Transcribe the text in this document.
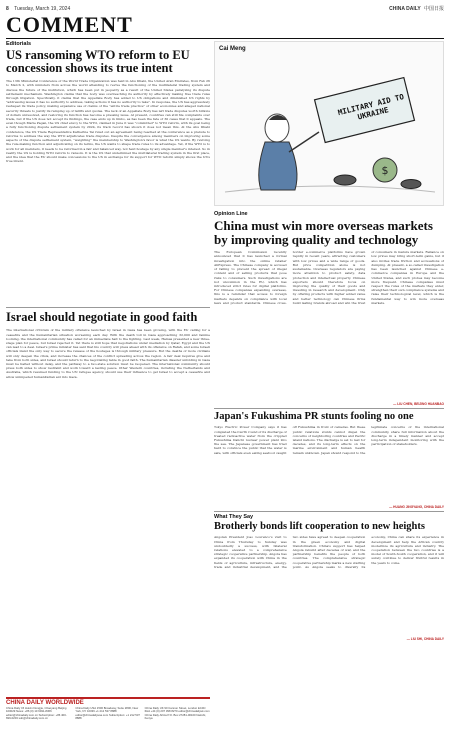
8 Tuesday, March 19, 2024	CHINA DAILY 中国日报
COMMENT
Editorials
US ransoming WTO reform to EU concession shows its true intent
The 13th Ministerial Conference of the World Trade Organization was held in Abu Dhabi, the United Arab Emirates, from Feb 26 to March 2, with ministers from across the world attending to revive the functioning of the multilateral trading system and discuss the future of the institution, which has been put in jeopardy as a result of the United States paralyzing its dispute settlement mechanism. Washington claims that the body was overreaching its authority by effectively making free trade rules through litigation. Specifically, it claims that the Appellate Body has added to US obligations and diminished US rights by "addressing issues it has no authority to address, taking actions it has no authority to take". In response, the US has aggressively reshaped its trade policy, making expansive use of claims of the "entire trade practice" of other economies and alleged national security threats to justify its ramping up of tariffs and quotas. The lack of an Appellate Body has left trade disputes worth billions of dollars unresolved, and restoring its function has become a pressing issue. At present, countries can still file complaints over trade, but if the US does not accept its findings, the case ends up in limbo, as has been the fate of 30 cases that it appeals. The even though Marie Pagan, the US chief envoy to the WTO, claimed in June it was "committed" to WTO reform, with its goal being a fully functioning dispute settlement system by 2024, its track record has shown it does not mean this. At the Abu Dhabi conference, the US Trade Representative Katherine Tai ruled out an agreement being reached at the conference as a prelude to reforms to address the way the WTO adjudicates trade disputes. Despite the convergence among members on improving some aspects of the dispute settlement system, "weighting" the membership to Washington's favor is what the US wants. By reviving the rule-making function and adjudicating on its terms, the US wants to shape trade rules to its advantage. Yet, if the WTO is to work for all members, it needs to be reformed in a fair and balanced way, not held hostage by any single member's interest. So in reality the US is holding WTO reform to ransom. It is the US that undermined the multilateral trading system in the first place, and the idea that the EU should make concessions to the US in exchange for its support for WTO reform simply shows the US's true intent.
Israel should negotiate in good faith
The international criticism of the military offensive launched by Israel in Gaza has been growing, with the EU calling for a ceasefire and the humanitarian situation worsening each day. With the death toll in Gaza approaching 32,000 and famine looming, the international community has called for an immediate halt to the fighting. Last week, Hamas presented a new three-stage plan for peace, but Israel rejected it. Yet there is still hope that negotiations under mediation by Qatar, Egypt and the US can lead to a deal. Israel's prime minister has said that his country will press ahead with its offensive on Rafah, and some Israeli officials insist the only way to secure the release of the hostages is through military pressure. But the deaths of more civilians will only deepen the crisis, and increase the chances of the conflict spreading across the region. A fair deal requires give and take from both sides, and Israel should return to the negotiating table in good faith. The humanitarian disaster unfolding in Gaza must be halted without delay, and the pathway to a two-state solution must be reopened. The international community should press both sides to show restraint and work toward a lasting peace. Other Western countries, including the Netherlands and Australia, which resumed funding to the UN refugee agency, should use their influence to get Israel to accept a ceasefire and allow unimpeded humanitarian aid into Gaza.
CHINA DAILY WORLDWIDE
China Daily 15 Huixin Dongjie, Chaoyang Beijing 100029 News: +86 (0) 10 6491-8366 editor@chinadaily.com.cn Subscription: +86 400-699-0203 sub@chinadaily.com.cn
China Daily USA 1500 Broadway, Suite 2800, New York, NY 10036 +1 212 537 8888 editor@chinadailyusa.com Subscription: +1 212 537 8888
China Daily UK 90 Cannon Street, London EC4N 6HA +44 (0) 207 398 8270 editor@chinadailyuk.com China Daily Africa P.O. Box 27281-00100 Nairobi, Kenya
Cai Meng
$
MILITARY AID TO UKRAINE
Opinion Line
China must win more overseas markets by improving quality and technology
The European Commission recently announced that it has launched a formal investigation into the online retailer AliExpress. The Chinese company is accused of failing to prevent the spread of illegal content and of selling products that pose risks to consumers. Such investigations are not uncommon in the EU, which has introduced strict rules for digital platforms. For Chinese companies expanding overseas, this is a reminder that access to foreign markets depends on compliance with local laws and product standards. Chinese cross-border e-commerce platforms have grown rapidly in recent years, attracting customers with low prices and a wide range of goods. But price competition alone is not sustainable. Overseas regulators are paying more attention to product safety, data protection and intellectual property. Chinese exporters should therefore focus on improving the quality of their goods and investing in research and development. Only by offering products with higher added value and better technology can Chinese firms build lasting brands abroad and win the trust of consumers in mature markets. Reliance on low prices may bring short-term gains, but it also invites trade friction and accusations of dumping. At present, a so-called investigation has been launched against Chinese e-commerce companies in Europe and the United States, and such probes may become more frequent. Chinese companies must respect the rules of the markets they enter, strengthen their own compliance systems and raise their technological level, which is the fundamental way to win more overseas markets.
— LIU CHEN, BEIJING HUANBAO
Japan's Fukushima PR stunts fooling no one
Tokyo Electric Power Company says it has completed the fourth round of its discharge of treated radioactive water from the crippled Fukushima Daiichi nuclear power plant into the sea. The Japanese government has tried hard to convince the public that the water is safe, with officials even eating seafood caught off Fukushima in front of cameras. But these public relations stunts cannot dispel the concerns of neighboring countries and Pacific island nations. The discharge is set to last for decades, and its long-term effects on the marine environment and human health remain unknown. Japan should respond to the legitimate concerns of the international community, share full information about the discharge in a timely manner and accept long-term independent monitoring with the participation of stakeholders.
— HUANG JINGYANG, CHINA DAILY
What They Say
Brotherly bonds lift cooperation to new heights
Angolan President Joao Lourenco's visit to China from Thursday to Sunday was undoubtedly a success, with bilateral relations elevated to a comprehensive strategic cooperative partnership. Angola has expanded its cooperation with China in the fields of agriculture, infrastructure, energy, trade and industrial development, and the two sides have agreed to deepen cooperation in the green economy and digital transformation. China's support has helped Angola rebuild after decades of war, and the partnership benefits the people of both countries. The comprehensive strategic cooperative partnership marks a new starting point. As Angola seeks to diversify its economy, China can share its experience in development and help the African country modernize its agriculture and industry. The cooperation between the two countries is a model of South-South cooperation, and it will surely continue to deliver fruitful results in the years to come.
— LIU SHI, CHINA DAILY
